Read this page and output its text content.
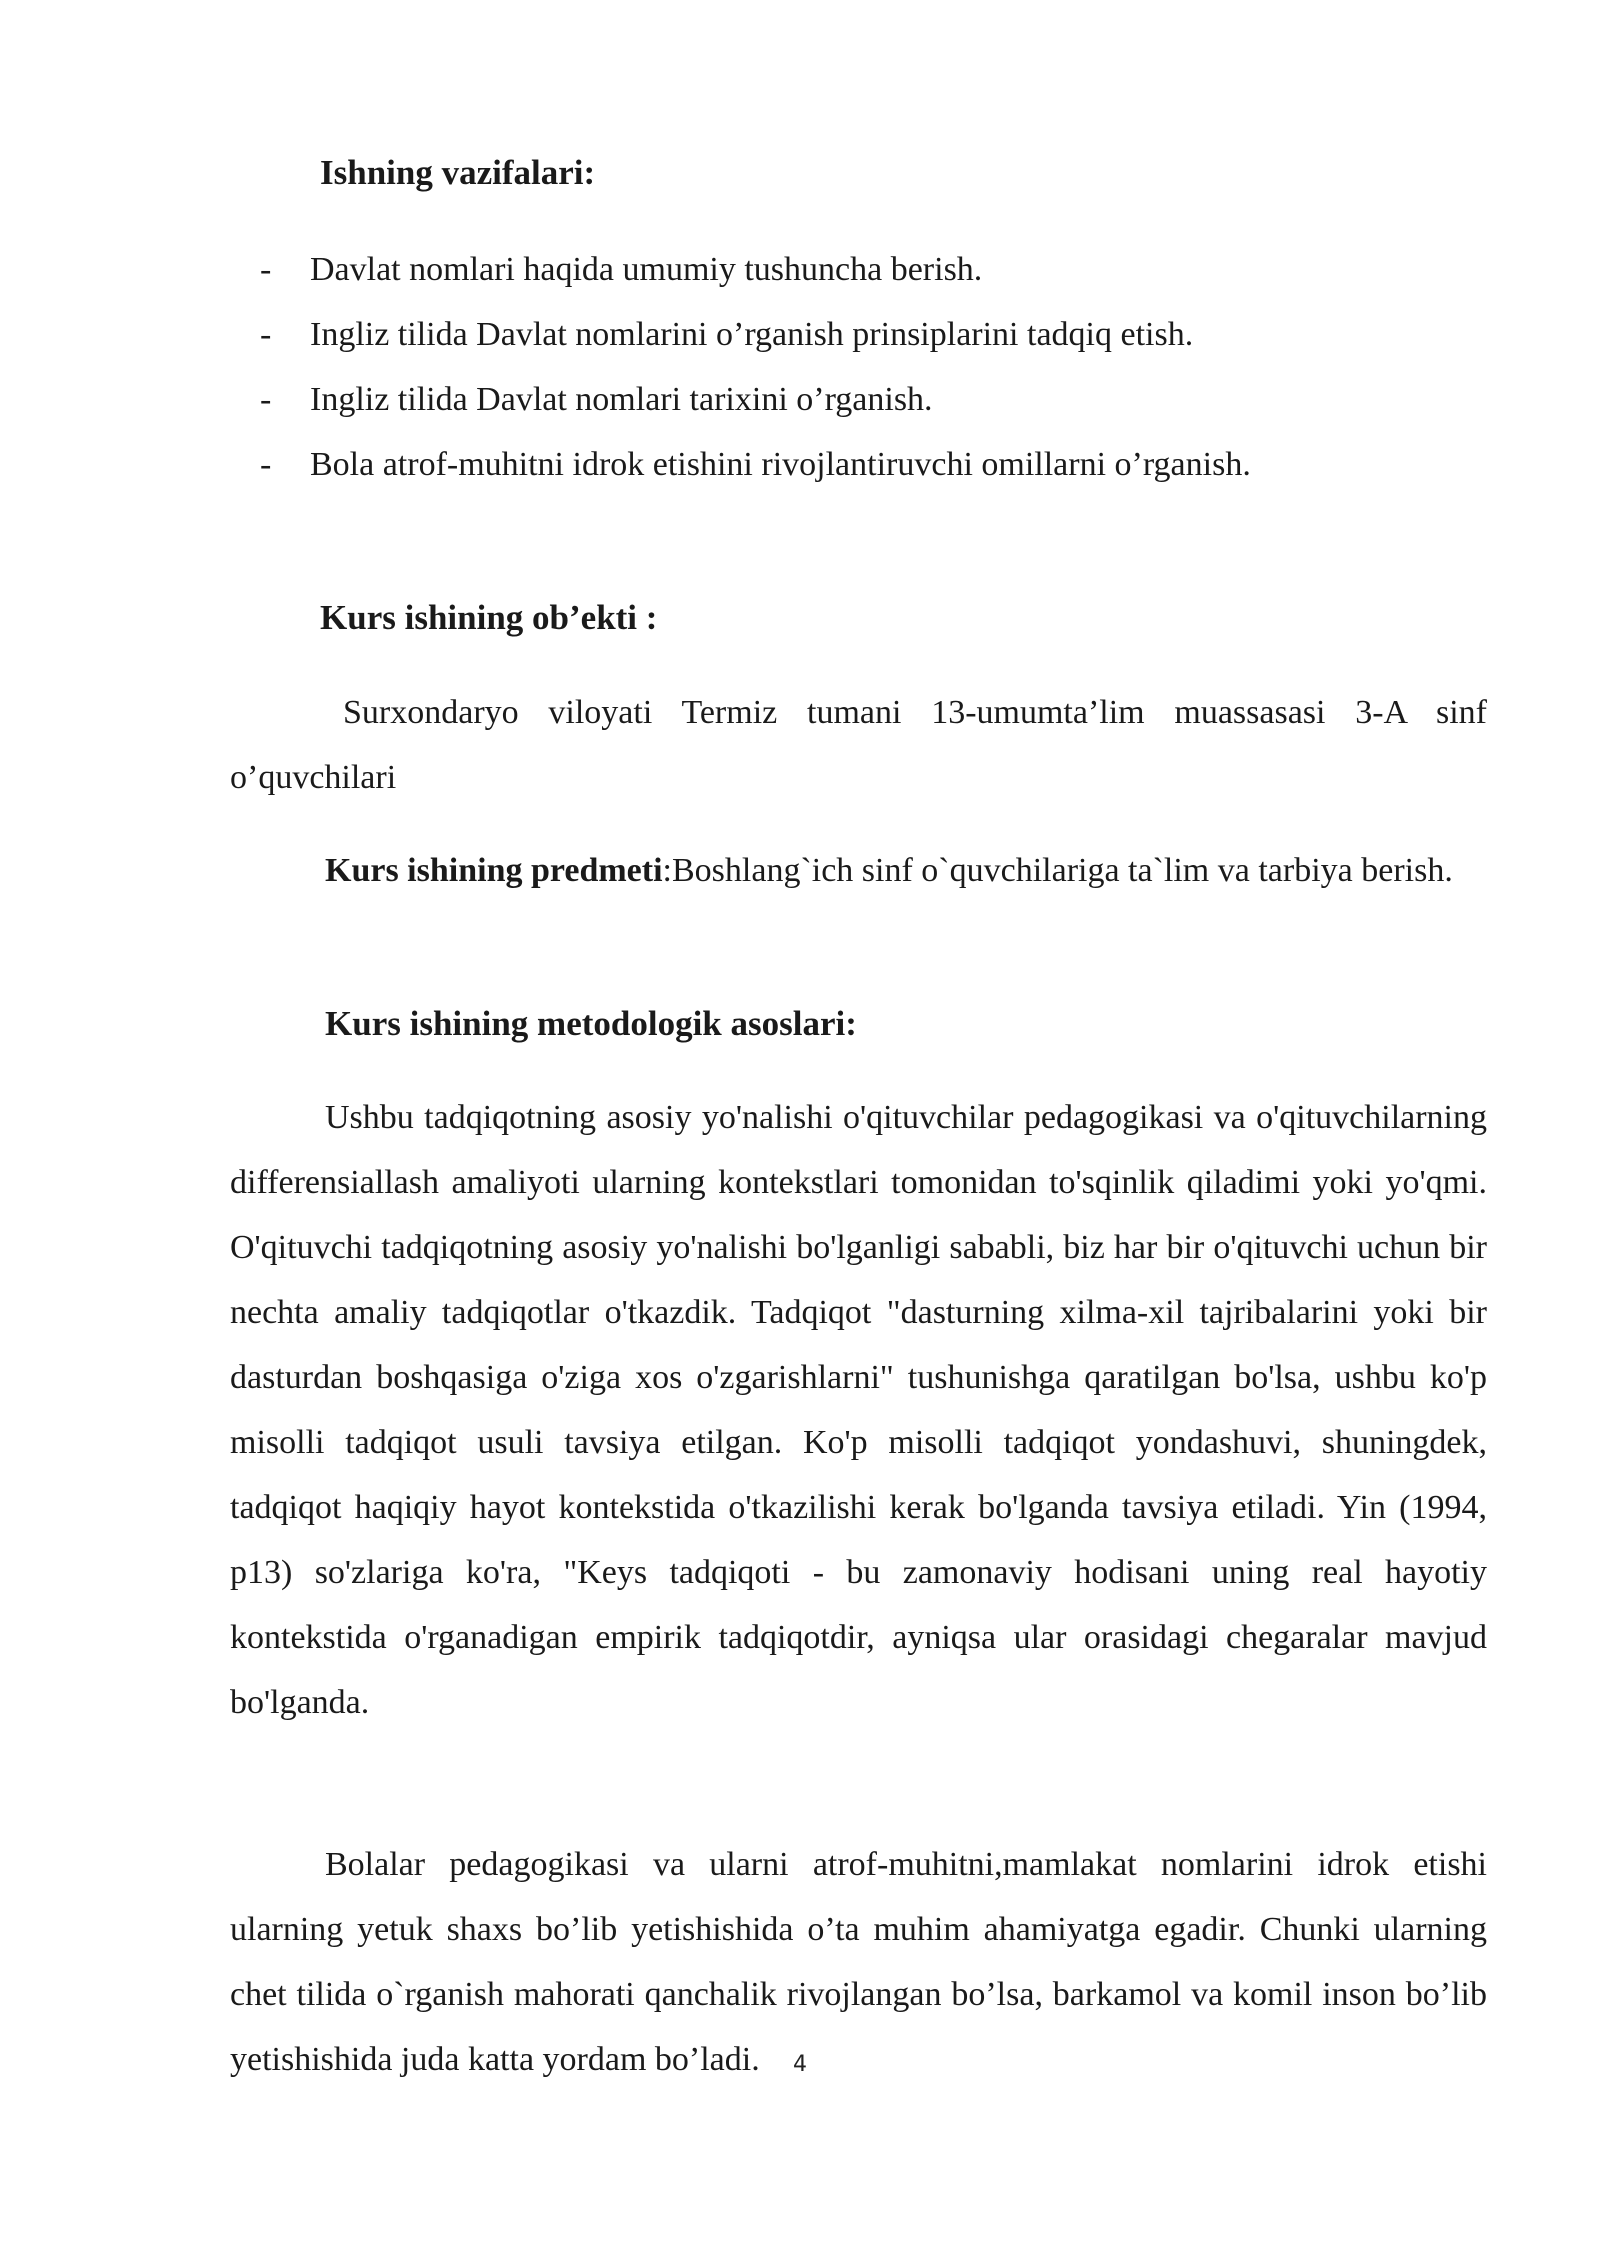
Ishning vazifalari:
-	Davlat nomlari haqida umumiy tushuncha berish.
-	Ingliz tilida Davlat nomlarini o’rganish prinsiplarini tadqiq etish.
-	Ingliz tilida Davlat nomlari tarixini o’rganish.
-	Bola atrof-muhitni idrok etishini rivojlantiruvchi omillarni o’rganish.
Kurs ishining ob’ekti :

Surxondaryo viloyati Termiz tumani 13-umumta’lim muassasasi 3-A sinf o’quvchilari

Kurs ishining predmeti:Boshlang`ich sinf o`quvchilariga ta`lim va tarbiya berish.

Kurs ishining metodologik asoslari:

Ushbu tadqiqotning asosiy yo'nalishi o'qituvchilar pedagogikasi va o'qituvchilarning differensiallash amaliyoti ularning kontekstlari tomonidan to'sqinlik qiladimi yoki yo'qmi. O'qituvchi tadqiqotning asosiy yo'nalishi bo'lganligi sababli, biz har bir o'qituvchi uchun bir nechta amaliy tadqiqotlar o'tkazdik. Tadqiqot "dasturning xilma-xil tajribalarini yoki bir dasturdan boshqasiga o'ziga xos o'zgarishlarni" tushunishga qaratilgan bo'lsa, ushbu ko'p misolli tadqiqot usuli tavsiya etilgan. Ko'p misolli tadqiqot yondashuvi, shuningdek, tadqiqot haqiqiy hayot kontekstida o'tkazilishi kerak bo'lganda tavsiya etiladi. Yin (1994, p13) so'zlariga ko'ra, "Keys tadqiqoti - bu zamonaviy hodisani uning real hayotiy kontekstida o'rganadigan empirik tadqiqotdir, ayniqsa ular orasidagi chegaralar mavjud bo'lganda.

Bolalar pedagogikasi va ularni atrof-muhitni,mamlakat nomlarini idrok etishi ularning yetuk shaxs bo’lib yetishishida o’ta muhim ahamiyatga egadir. Chunki ularning chet tilida o`rganish mahorati qanchalik rivojlangan bo’lsa, barkamol va komil inson bo’lib yetishishida juda katta yordam bo’ladi.	4
